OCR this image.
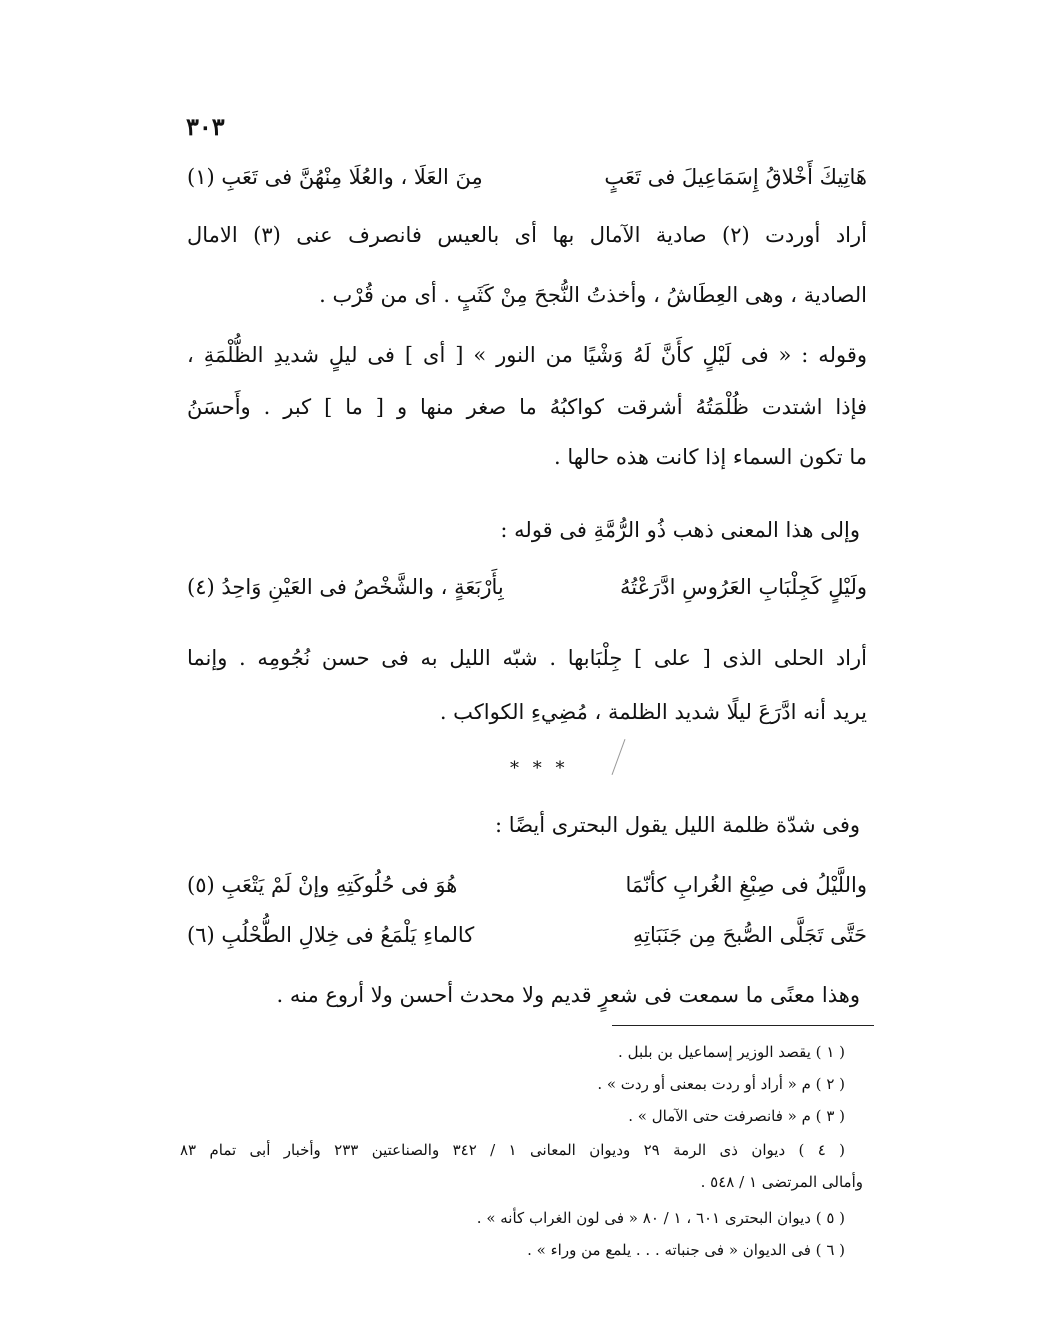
٣٠٣
هَاتِيكَ أَخْلاقُ إِسَمَاعِيلَ فى تَعَبٍ
مِنَ العَلَا ، والعُلَا مِنْهُنَّ فى تَعَبِ (١)
أراد أوردت (٢) صادية الآمال بها أى بالعيس فانصرف عنى (٣) الامال
الصادية ، وهى العِطَاشُ ، وأخذتُ النُّجحَ مِنْ كَثَبٍ . أى من قُرْب .
وقوله : « فى لَيْلٍ كأَنَّ لَهُ وَشْيًا من النور » [ أى ] فى ليلٍ شديدِ الظُّلْمَةِ ،
فإذا اشتدت ظُلْمَتُهُ أشرقت كواكبُهُ ما صغر منها و [ ما ] كبر . وأَحسَنُ
ما تكون السماء إذا كانت هذه حالها .
وإلى هذا المعنى ذهب ذُو الرُّمَّةِ فى قوله :
ولَيْلٍ كَجِلْبَابِ العَرُوسِ ادَّرَعْتُهُ
بِأَرْبَعَةٍ ، والشَّخْصُ فى العَيْنِ وَاحِدُ (٤)
أراد الحلى الذى [ على ] جِلْبَابها . شبّه الليل به فى حسن نُجُومِه . وإنما
يريد أنه ادَّرَعَ ليلًا شديد الظلمة ، مُضِيءِ الكواكب .
* * *
وفى شدّة ظلمة الليل يقول البحترى أيضًا :
واللَّيْلُ فى صِبْغِ الغُرابِ كأنّمَا
هُوَ فى حُلُوكَتِهِ وإنْ لَمْ يَتْعَبِ (٥)
حَتَّى تَجَلَّى الصُّبحَ مِن جَنَبَاتِهِ
كالماءِ يَلْمَعُ فى خِلالِ الطُّحْلُبِ (٦)
وهذا معنًى ما سمعت فى شعرٍ قديم ولا محدث أحسن ولا أروع منه .
( ١ ) يقصد الوزير إسماعيل بن بلبل .
( ٢ ) م « أراد أو ردت بمعنى أو ردت » .
( ٣ ) م « فانصرفت حتى الآمال » .
( ٤ ) ديوان ذى الرمة ٢٩ وديوان المعانى ١ / ٣٤٢ والصناعتين ٢٣٣ وأخبار أبى تمام ٨٣
وأمالى المرتضى ١ / ٥٤٨ .
( ٥ ) ديوان البحترى ٦٠١ ، ١ / ٨٠ « فى لون الغراب كأنه » .
( ٦ ) فى الديوان « فى جنباته . . . يلمع من وراء » .
